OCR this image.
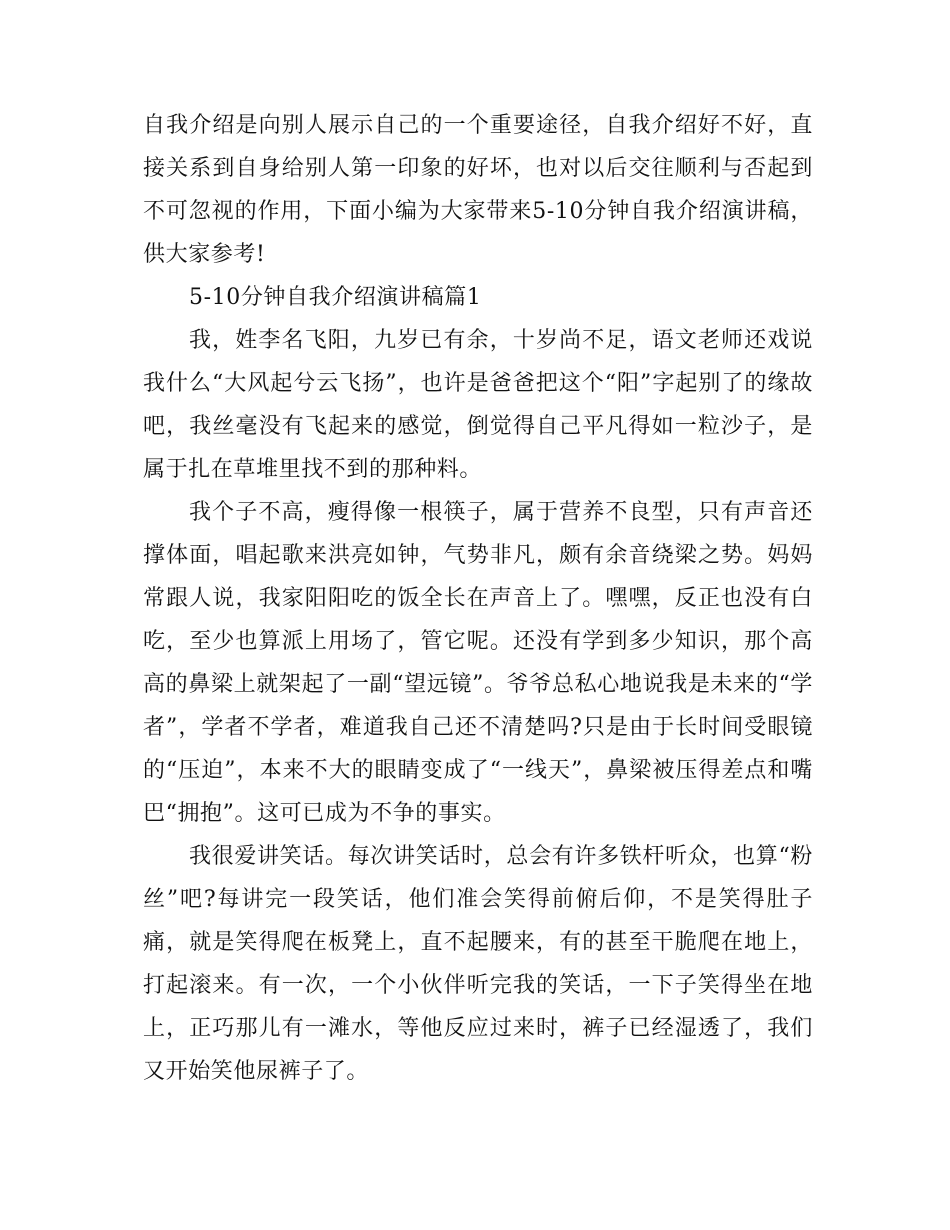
自我介绍是向别人展示自己的一个重要途径，自我介绍好不好，直接关系到自身给别人第一印象的好坏，也对以后交往顺利与否起到不可忽视的作用，下面小编为大家带来5-10分钟自我介绍演讲稿，供大家参考!

5-10分钟自我介绍演讲稿篇1

我，姓李名飞阳，九岁已有余，十岁尚不足，语文老师还戏说我什么“大风起兮云飞扬”，也许是爸爸把这个“阳”字起别了的缘故吧，我丝毫没有飞起来的感觉，倒觉得自己平凡得如一粒沙子，是属于扎在草堆里找不到的那种料。

我个子不高，瘦得像一根筷子，属于营养不良型，只有声音还撑体面，唱起歌来洪亮如钟，气势非凡，颇有余音绕梁之势。妈妈常跟人说，我家阳阳吃的饭全长在声音上了。嘿嘿，反正也没有白吃，至少也算派上用场了，管它呢。还没有学到多少知识，那个高高的鼻梁上就架起了一副“望远镜”。爷爷总私心地说我是未来的“学者”，学者不学者，难道我自己还不清楚吗?只是由于长时间受眼镜的“压迫”，本来不大的眼睛变成了“一线天”，鼻梁被压得差点和嘴巴“拥抱”。这可已成为不争的事实。

我很爱讲笑话。每次讲笑话时，总会有许多铁杆听众，也算“粉丝”吧?每讲完一段笑话，他们准会笑得前俯后仰，不是笑得肚子痛，就是笑得爬在板凳上，直不起腰来，有的甚至干脆爬在地上，打起滚来。有一次，一个小伙伴听完我的笑话，一下子笑得坐在地上，正巧那儿有一滩水，等他反应过来时，裤子已经湿透了，我们又开始笑他尿裤子了。
